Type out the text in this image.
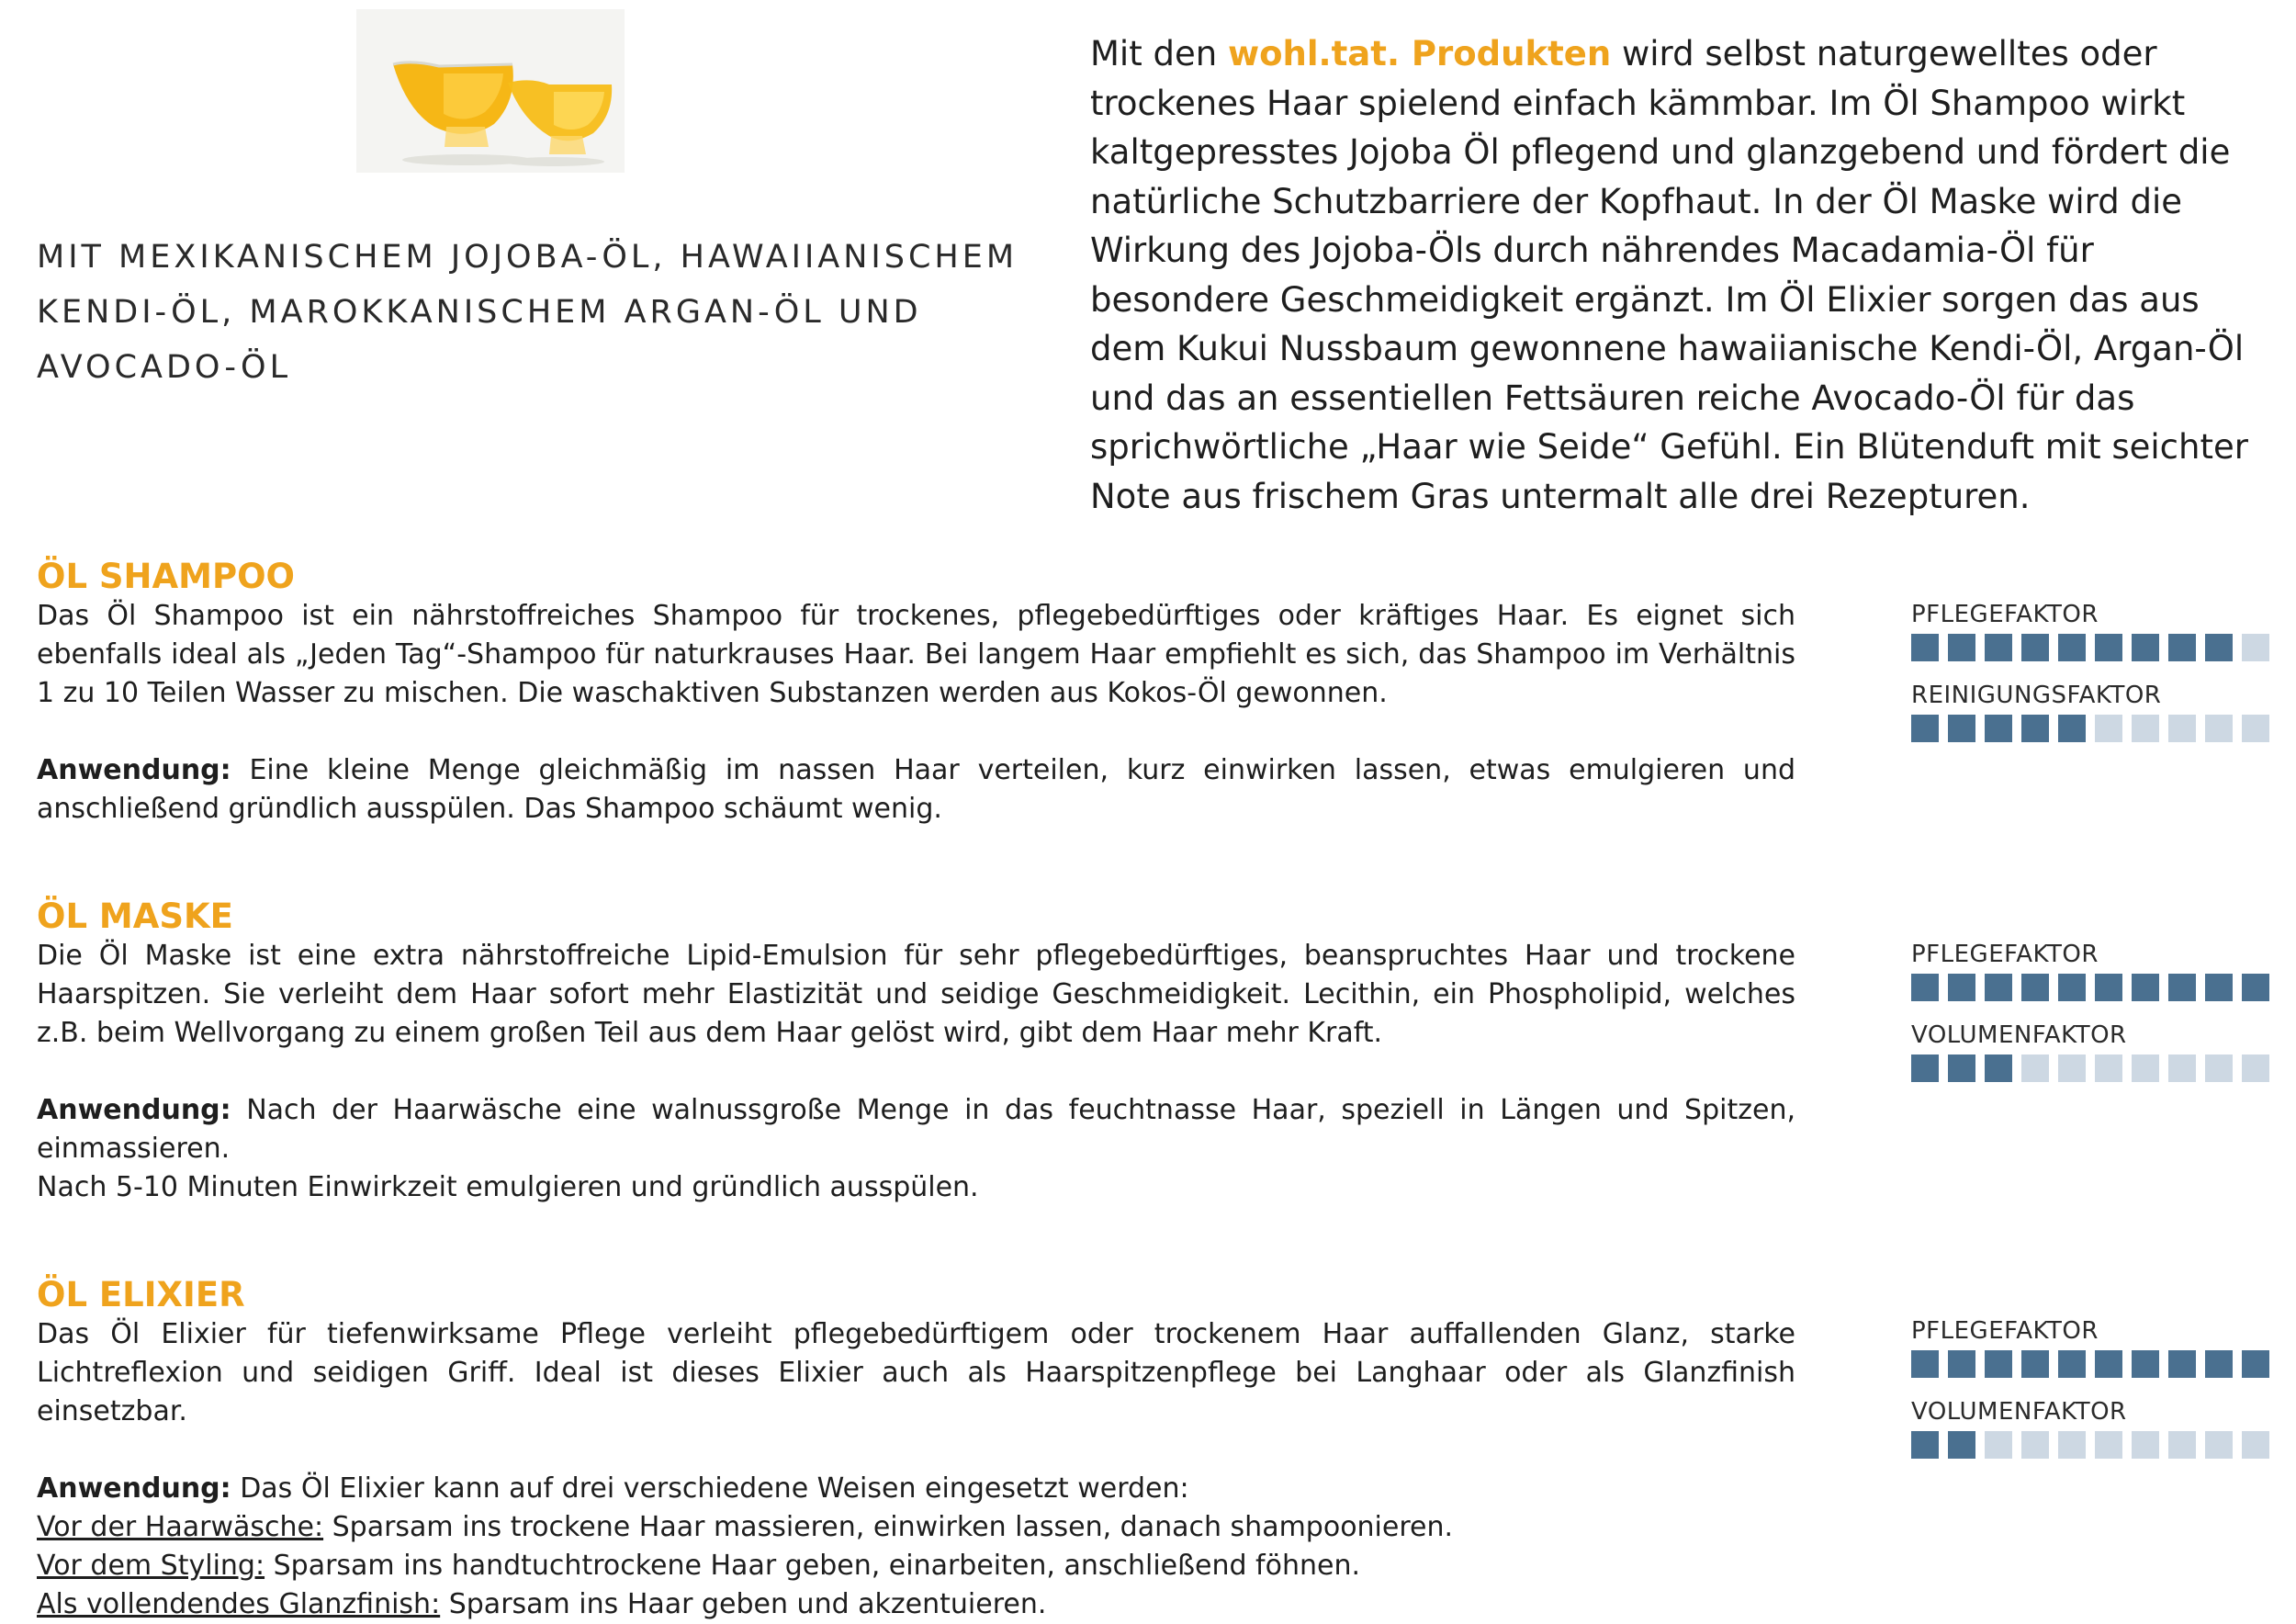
MIT MEXIKANISCHEM JOJOBA-ÖL, HAWAIIANISCHEM
KENDI-ÖL, MAROKKANISCHEM ARGAN-ÖL UND AVOCADO-ÖL

Mit den wohl.tat. Produkten wird selbst naturgewelltes oder trockenes Haar spielend einfach kämmbar. Im Öl Shampoo wirkt kaltgepresstes Jojoba Öl pflegend und glanzgebend und fördert die natürliche Schutzbarriere der Kopfhaut. In der Öl Maske wird die Wirkung des Jojoba-Öls durch nährendes Macadamia-Öl für besondere Geschmeidigkeit ergänzt. Im Öl Elixier sorgen das aus dem Kukui Nussbaum gewonnene hawaiianische Kendi-Öl, Argan-Öl und das an essentiellen Fettsäuren reiche Avocado-Öl für das sprichwörtliche „Haar wie Seide“ Gefühl. Ein Blütenduft mit seichter Note aus frischem Gras untermalt alle drei Rezepturen.

ÖL SHAMPOO

Das Öl Shampoo ist ein nährstoffreiches Shampoo für trockenes, pflegebedürftiges oder kräftiges Haar. Es eignet sich ebenfalls ideal als „Jeden Tag“-Shampoo für naturkrauses Haar. Bei langem Haar empfiehlt es sich, das Shampoo im Verhältnis 1 zu 10 Teilen Wasser zu mischen. Die waschaktiven Substanzen werden aus Kokos-Öl gewonnen.

Anwendung: Eine kleine Menge gleichmäßig im nassen Haar verteilen, kurz einwirken lassen, etwas emulgieren und anschließend gründlich ausspülen. Das Shampoo schäumt wenig.

PFLEGEFAKTOR
REINIGUNGSFAKTOR
ÖL MASKE

Die Öl Maske ist eine extra nährstoffreiche Lipid-Emulsion für sehr pflegebedürftiges, beanspruchtes Haar und trockene Haarspitzen. Sie verleiht dem Haar sofort mehr Elastizität und seidige Geschmeidigkeit. Lecithin, ein Phospholipid, welches z.B. beim Wellvorgang zu einem großen Teil aus dem Haar gelöst wird, gibt dem Haar mehr Kraft.

Anwendung: Nach der Haarwäsche eine walnussgroße Menge in das feuchtnasse Haar, speziell in Längen und Spitzen, einmassieren.

Nach 5-10 Minuten Einwirkzeit emulgieren und gründlich ausspülen.

PFLEGEFAKTOR
VOLUMENFAKTOR
ÖL ELIXIER

Das Öl Elixier für tiefenwirksame Pflege verleiht pflegebedürftigem oder trockenem Haar auffallenden Glanz, starke Lichtreflexion und seidigen Griff. Ideal ist dieses Elixier auch als Haarspitzenpflege bei Langhaar oder als Glanzfinish einsetzbar.

Anwendung: Das Öl Elixier kann auf drei verschiedene Weisen eingesetzt werden:

Vor der Haarwäsche: Sparsam ins trockene Haar massieren, einwirken lassen, danach shampoonieren.

Vor dem Styling: Sparsam ins handtuchtrockene Haar geben, einarbeiten, anschließend föhnen.

Als vollendendes Glanzfinish: Sparsam ins Haar geben und akzentuieren.

PFLEGEFAKTOR
VOLUMENFAKTOR
